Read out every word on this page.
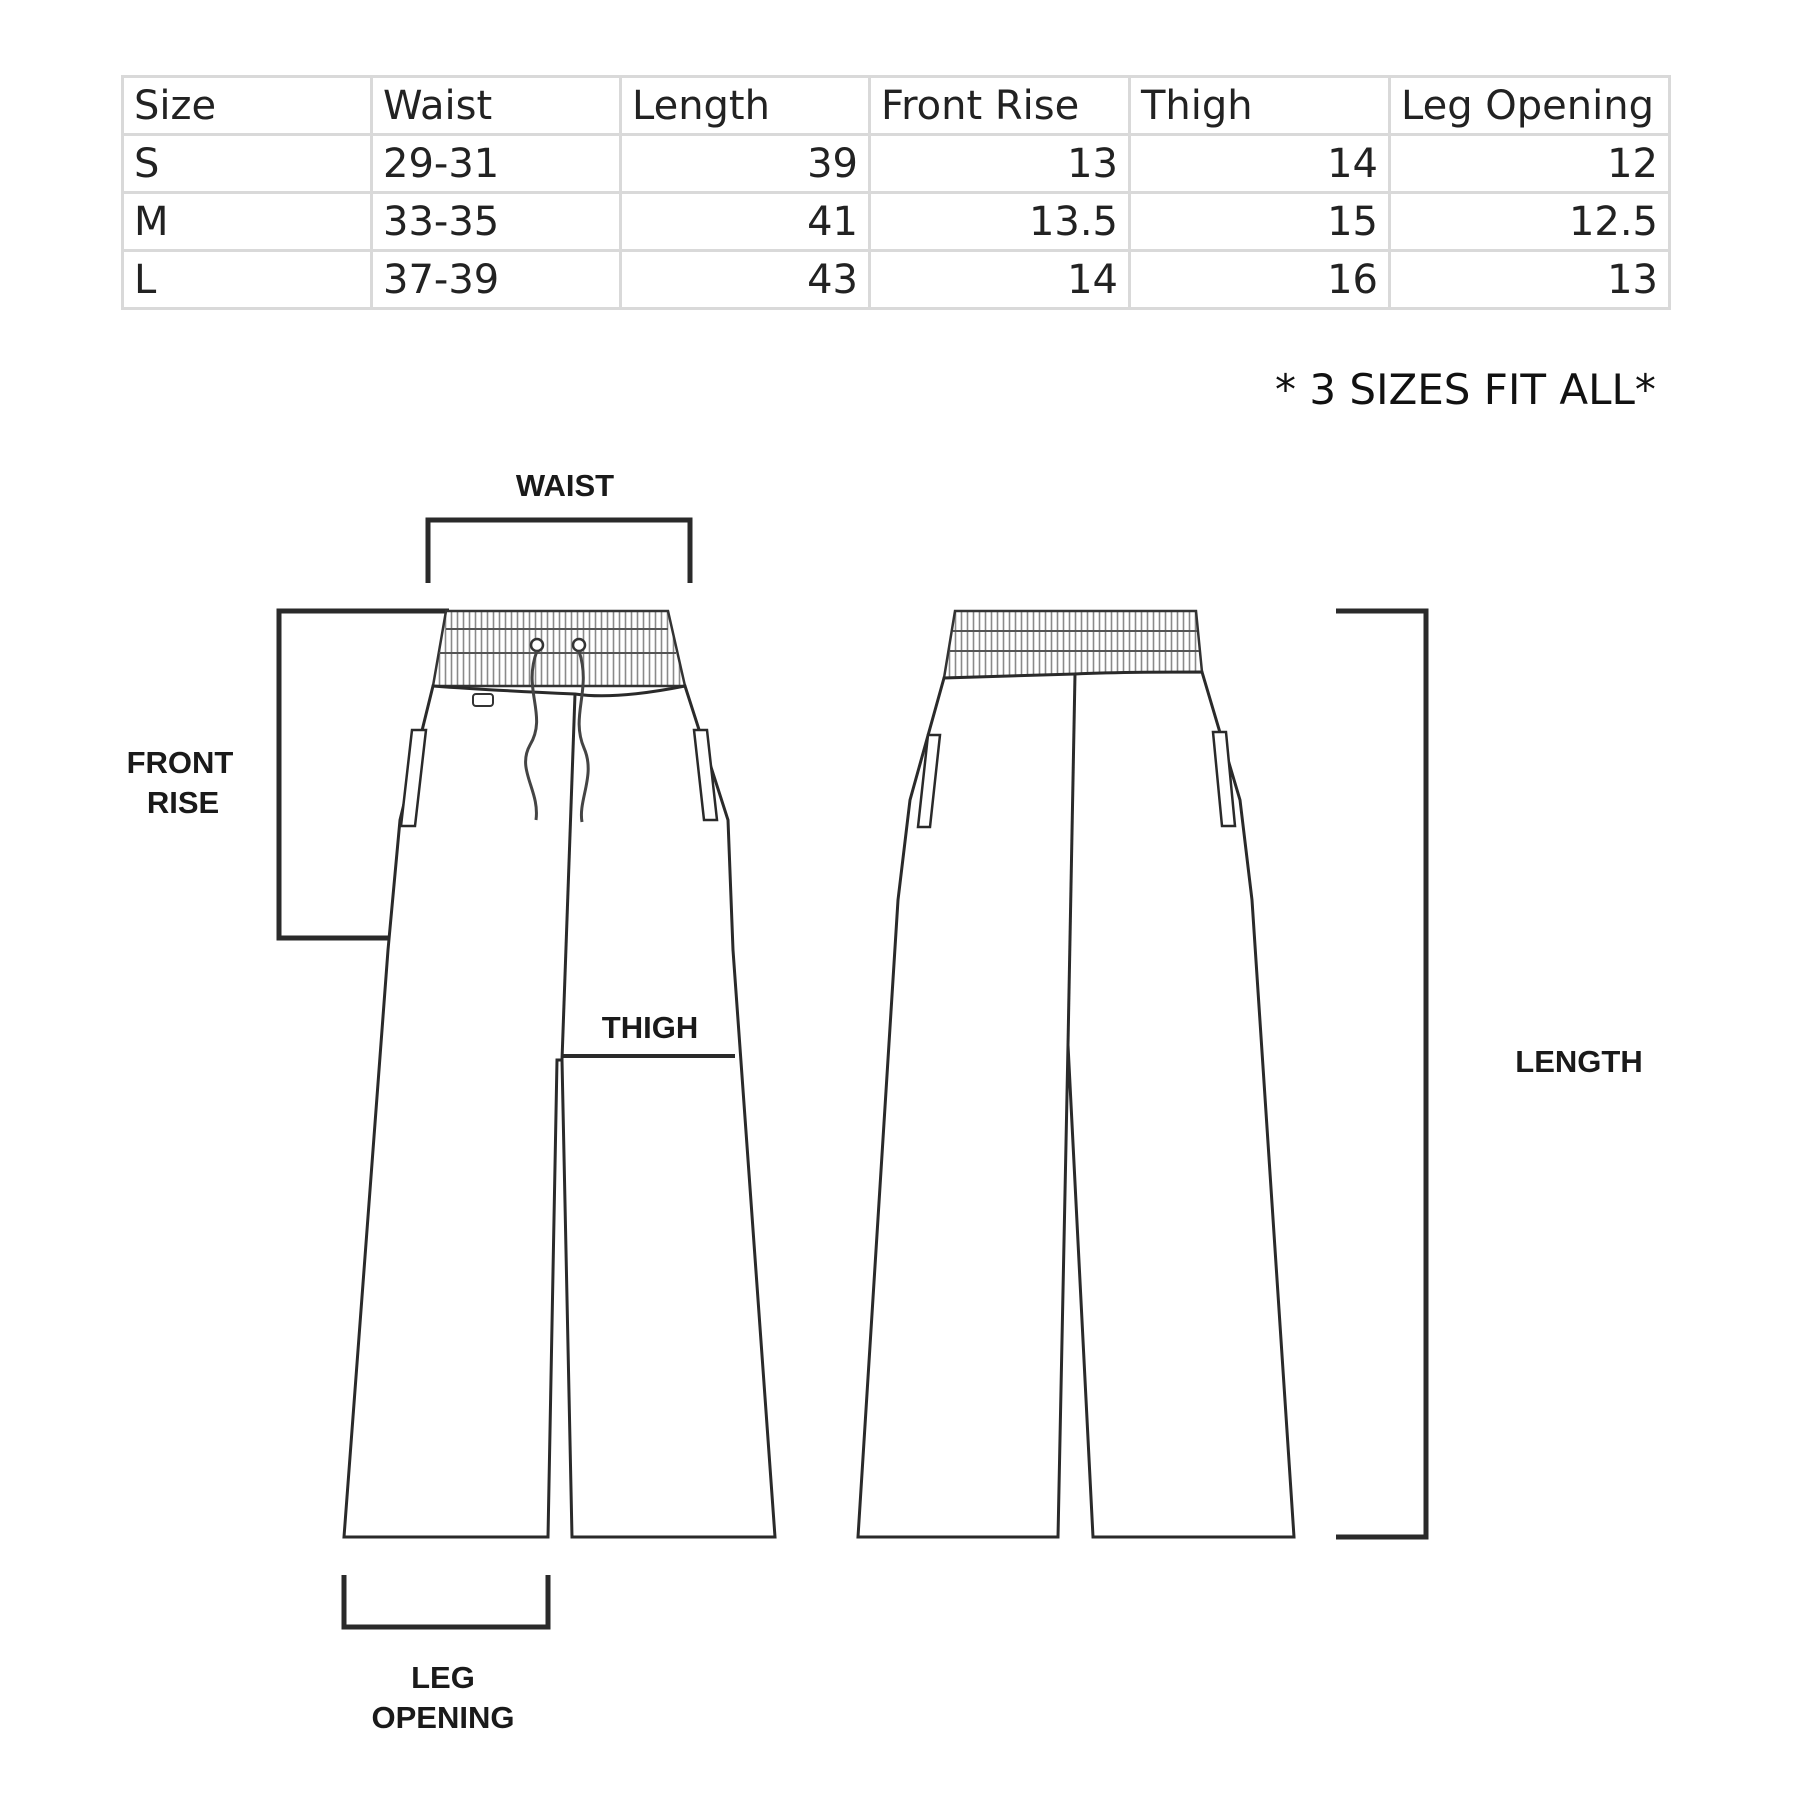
Size	Waist	Length	Front Rise	Thigh	Leg Opening
S	29-31	39	13	14	12
M	33-35	41	13.5	15	12.5
L	37-39	43	14	16	13
* 3 SIZES FIT ALL*
WAIST
FRONT
RISE
THIGH
LENGTH
LEG
OPENING
